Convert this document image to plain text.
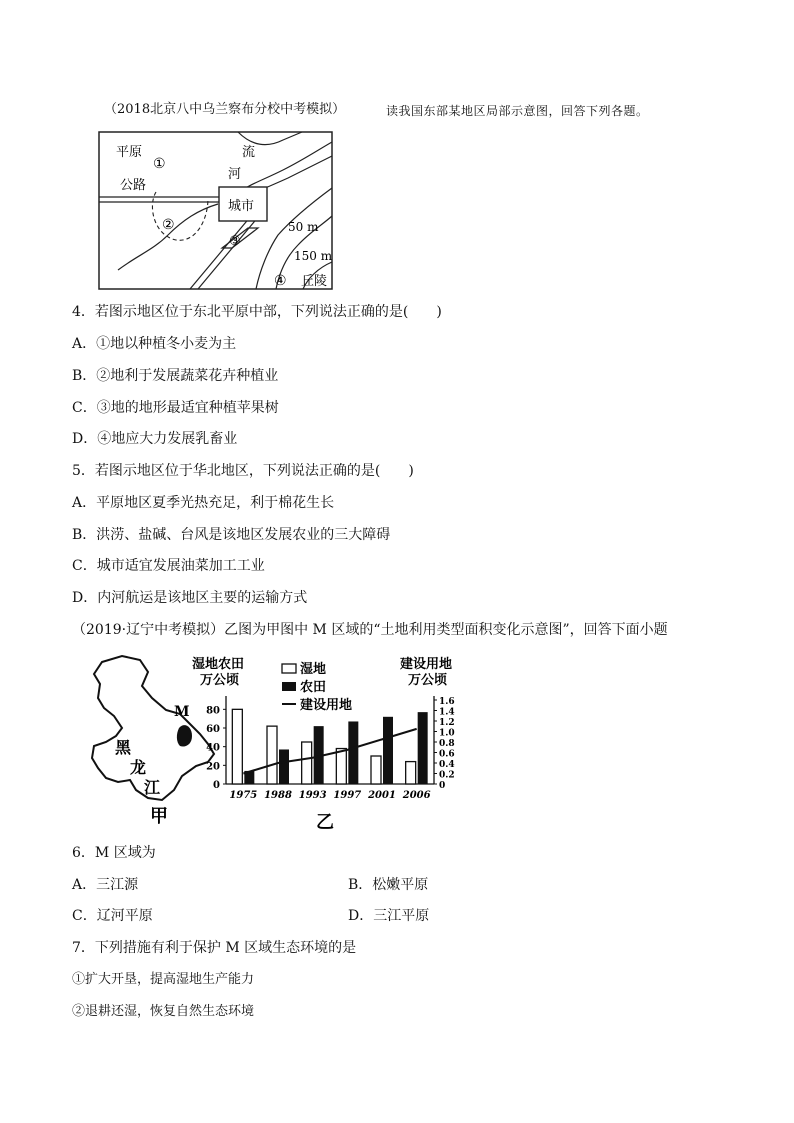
（2018北京八中乌兰察布分校中考模拟）	读我国东部某地区局部示意图，回答下列各题。
平原
①
流
河
公路
城市
②
③
50 m
150 m
④ 丘陵
4．若图示地区位于东北平原中部，下列说法正确的是(　　)
A．①地以种植冬小麦为主
B．②地利于发展蔬菜花卉种植业
C．③地的地形最适宜种植苹果树
D．④地应大力发展乳畜业
5．若图示地区位于华北地区，下列说法正确的是(　　)
A．平原地区夏季光热充足，利于棉花生长
B．洪涝、盐碱、台风是该地区发展农业的三大障碍
C．城市适宜发展油菜加工工业
D．内河航运是该地区主要的运输方式
（2019·辽宁中考模拟）乙图为甲图中 M 区域的“土地利用类型面积变化示意图”，回答下面小题
黑
龙
江
M
甲
湿地农田
万公顷
建设用地
万公顷
湿地
农田
建设用地
80
60
40
20
0
1.6
1.4
1.2
1.0
0.8
0.6
0.4
0.2
0
1975 1988 1993 1997 2001 2006
乙
6．M 区域为
A．三江源	B．松嫩平原
C．辽河平原	D．三江平原
7．下列措施有利于保护 M 区域生态环境的是
①扩大开垦，提高湿地生产能力
②退耕还湿，恢复自然生态环境
